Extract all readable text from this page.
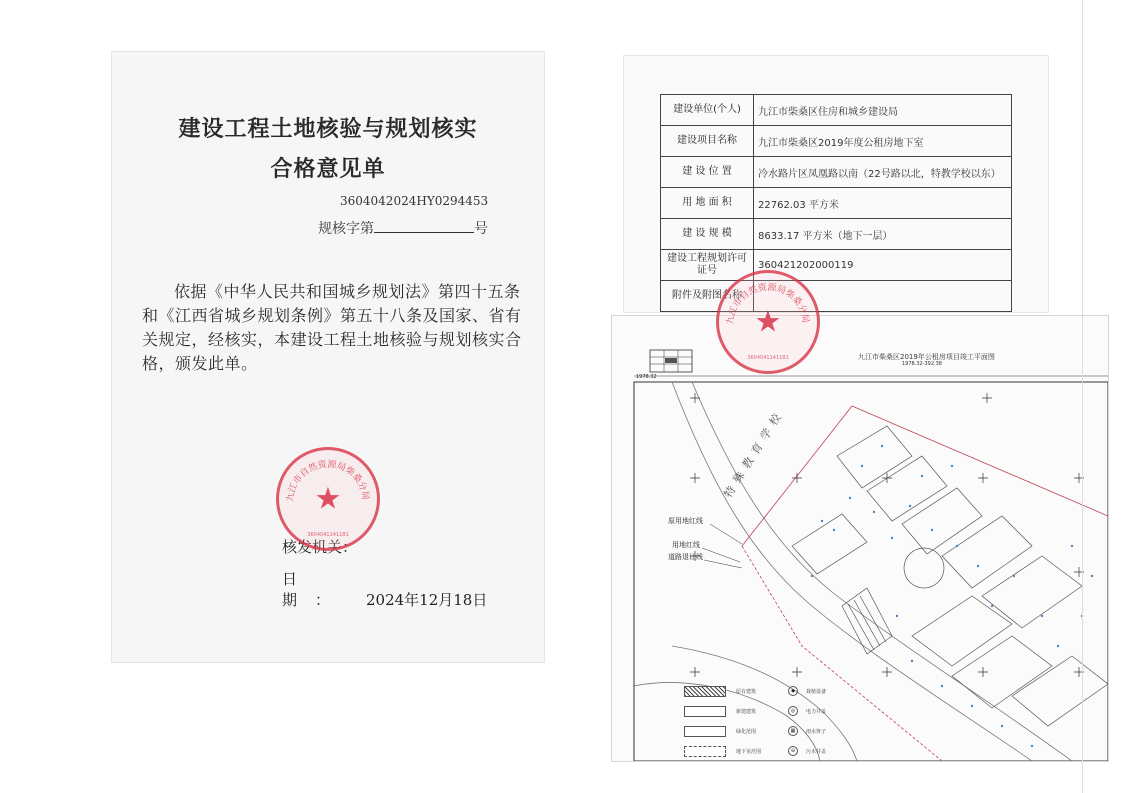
建设工程土地核验与规划核实
合格意见单
3604042024HY0294453
规核字第	号
依据《中华人民共和国城乡规划法》第四十五条和《江西省城乡规划条例》第五十八条及国家、省有关规定，经核实，本建设工程土地核验与规划核实合格，颁发此单。
核发机关：
日　期： 2024年12月18日
九江市自然资源局柴桑分局
3604041141181
★
建设单位(个人)	九江市柴桑区住房和城乡建设局
建设项目名称	九江市柴桑区2019年度公租房地下室
建 设 位 置	冷水路片区凤凰路以南（22号路以北，特教学校以东）
用 地 面 积	22762.03 平方米
建 设 规 模	8633.17 平方米（地下一层）
建设工程规划许可证号	360421202000119
附件及附图名称	
九江市柴桑区2019年公租房项目竣工平面图
1978.32-392.38
1978.32
特殊教育学校
原用地红线
用地红线
道路退让线
原有建筑	◆	栽植设备
新建建筑	◎	电力井盖
绿化范围	▦	雨水箅子
地下室范围	⊖	污水井盖
九江市自然资源局柴桑分局
3604041141181
★
